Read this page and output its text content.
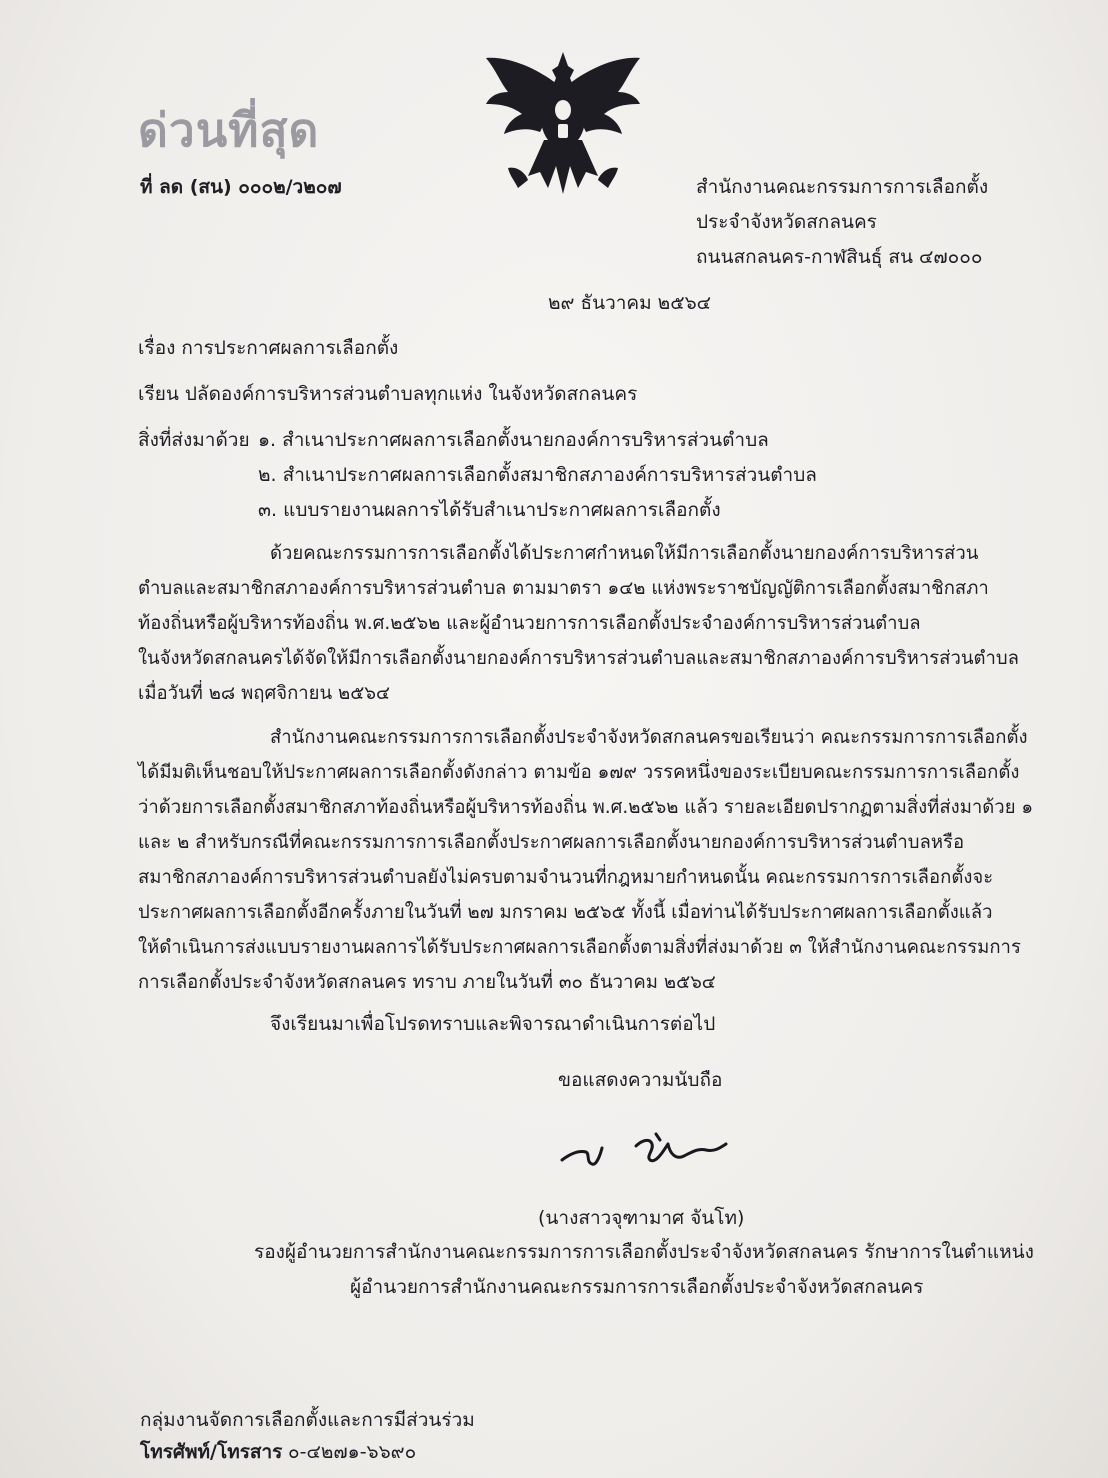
ด่วนที่สุด
ที่ ลด (สน) ๐๐๐๒/ว๒๐๗	สำนักงานคณะกรรมการการเลือกตั้ง
ประจำจังหวัดสกลนคร
ถนนสกลนคร-กาฬสินธุ์ สน ๔๗๐๐๐
๒๙ ธันวาคม ๒๕๖๔
เรื่อง การประกาศผลการเลือกตั้ง
เรียน ปลัดองค์การบริหารส่วนตำบลทุกแห่ง ในจังหวัดสกลนคร
สิ่งที่ส่งมาด้วย ๑. สำเนาประกาศผลการเลือกตั้งนายกองค์การบริหารส่วนตำบล
๒. สำเนาประกาศผลการเลือกตั้งสมาชิกสภาองค์การบริหารส่วนตำบล
๓. แบบรายงานผลการได้รับสำเนาประกาศผลการเลือกตั้ง
ด้วยคณะกรรมการการเลือกตั้งได้ประกาศกำหนดให้มีการเลือกตั้งนายกองค์การบริหารส่วน
ตำบลและสมาชิกสภาองค์การบริหารส่วนตำบล ตามมาตรา ๑๔๒ แห่งพระราชบัญญัติการเลือกตั้งสมาชิกสภา
ท้องถิ่นหรือผู้บริหารท้องถิ่น พ.ศ.๒๕๖๒ และผู้อำนวยการการเลือกตั้งประจำองค์การบริหารส่วนตำบล
ในจังหวัดสกลนครได้จัดให้มีการเลือกตั้งนายกองค์การบริหารส่วนตำบลและสมาชิกสภาองค์การบริหารส่วนตำบล
เมื่อวันที่ ๒๘ พฤศจิกายน ๒๕๖๔
สำนักงานคณะกรรมการการเลือกตั้งประจำจังหวัดสกลนครขอเรียนว่า คณะกรรมการการเลือกตั้ง
ได้มีมติเห็นชอบให้ประกาศผลการเลือกตั้งดังกล่าว ตามข้อ ๑๗๙ วรรคหนึ่งของระเบียบคณะกรรมการการเลือกตั้ง
ว่าด้วยการเลือกตั้งสมาชิกสภาท้องถิ่นหรือผู้บริหารท้องถิ่น พ.ศ.๒๕๖๒ แล้ว รายละเอียดปรากฏตามสิ่งที่ส่งมาด้วย ๑
และ ๒ สำหรับกรณีที่คณะกรรมการการเลือกตั้งประกาศผลการเลือกตั้งนายกองค์การบริหารส่วนตำบลหรือ
สมาชิกสภาองค์การบริหารส่วนตำบลยังไม่ครบตามจำนวนที่กฎหมายกำหนดนั้น คณะกรรมการการเลือกตั้งจะ
ประกาศผลการเลือกตั้งอีกครั้งภายในวันที่ ๒๗ มกราคม ๒๕๖๕ ทั้งนี้ เมื่อท่านได้รับประกาศผลการเลือกตั้งแล้ว
ให้ดำเนินการส่งแบบรายงานผลการได้รับประกาศผลการเลือกตั้งตามสิ่งที่ส่งมาด้วย ๓ ให้สำนักงานคณะกรรมการ
การเลือกตั้งประจำจังหวัดสกลนคร ทราบ ภายในวันที่ ๓๐ ธันวาคม ๒๕๖๔
จึงเรียนมาเพื่อโปรดทราบและพิจารณาดำเนินการต่อไป
ขอแสดงความนับถือ
(นางสาวจุฑามาศ จันโท)
รองผู้อำนวยการสำนักงานคณะกรรมการการเลือกตั้งประจำจังหวัดสกลนคร รักษาการในตำแหน่ง
ผู้อำนวยการสำนักงานคณะกรรมการการเลือกตั้งประจำจังหวัดสกลนคร
กลุ่มงานจัดการเลือกตั้งและการมีส่วนร่วม
โทรศัพท์/โทรสาร ๐-๔๒๗๑-๖๖๙๐
